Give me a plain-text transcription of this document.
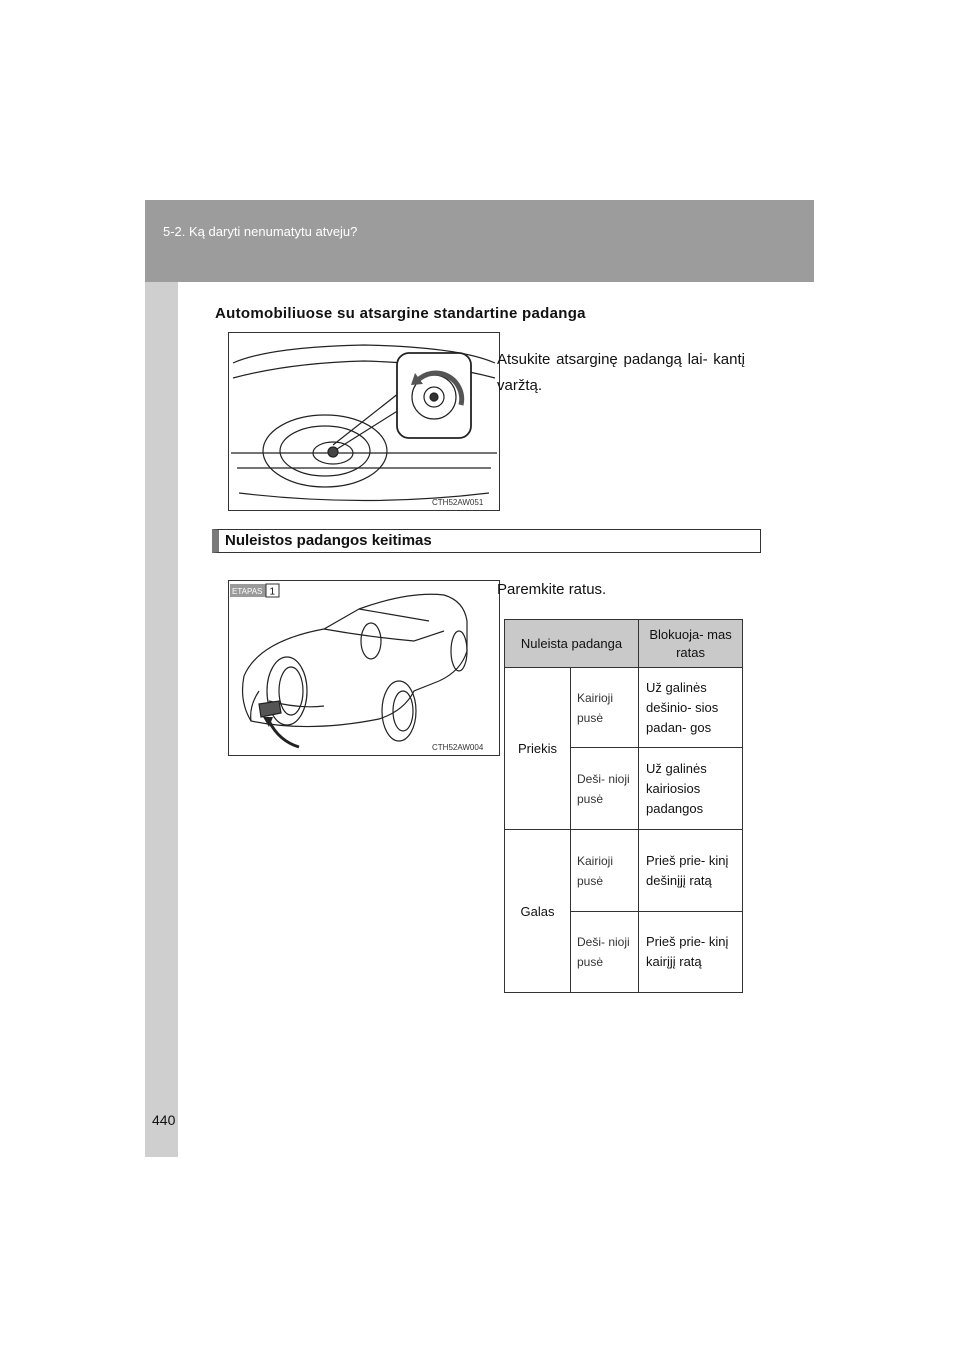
5-2. Ką daryti nenumatytu atveju?
440
Automobiliuose su atsargine standartine padanga
CTH52AW051
Atsukite atsarginę padangą lai- kantį varžtą.
Nuleistos padangos keitimas
ETAPAS 1
CTH52AW004
Paremkite ratus.
Nuleista padanga		Blokuoja- mas ratas
Priekis	Kairioji pusė	Už galinės dešinio- sios padan- gos
	Deši- nioji pusė	Už galinės kairiosios padangos
Galas	Kairioji pusė	Prieš prie- kinį dešinįjį ratą
	Deši- nioji pusė	Prieš prie- kinį kairįjį ratą
